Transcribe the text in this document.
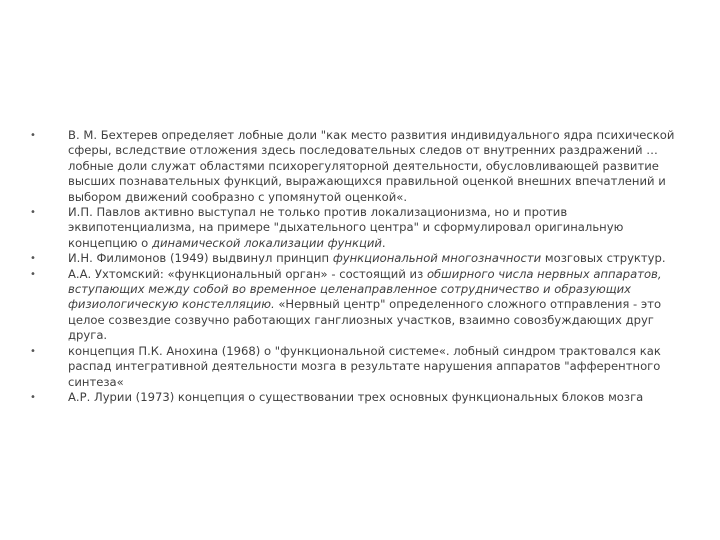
•	В. М. Бехтерев определяет лобные доли "как место развития индивидуального ядра психической сферы, вследствие отложения здесь последовательных следов от внутренних раздражений … лобные доли служат областями психорегуляторной деятельности, обусловливающей развитие высших познавательных функций, выражающихся правильной оценкой внешних впечатлений и выбором движений сообразно с упомянутой оценкой«.
•	И.П. Павлов активно выступал не только против локализационизма, но и против эквипотенциализма, на примере "дыхательного центра" и сформулировал оригинальную концепцию о динамической локализации функций.
•	И.Н. Филимонов (1949) выдвинул принцип функциональной многозначности мозговых структур.
•	А.А. Ухтомский: «функциональный орган» - состоящий из обширного числа нервных аппаратов, вступающих между собой во временное целенаправленное сотрудничество и образующих физиологическую констелляцию. «Нервный центр" определенного сложного отправления - это целое созвездие созвучно работающих ганглиозных участков, взаимно совозбуждающих друг друга.
•	концепция П.К. Анохина (1968) о "функциональной системе«. лобный синдром трактовался как распад интегративной деятельности мозга в результате нарушения аппаратов "афферентного синтеза«
•	А.Р. Лурии (1973) концепция о существовании трех основных функциональных блоков мозга
